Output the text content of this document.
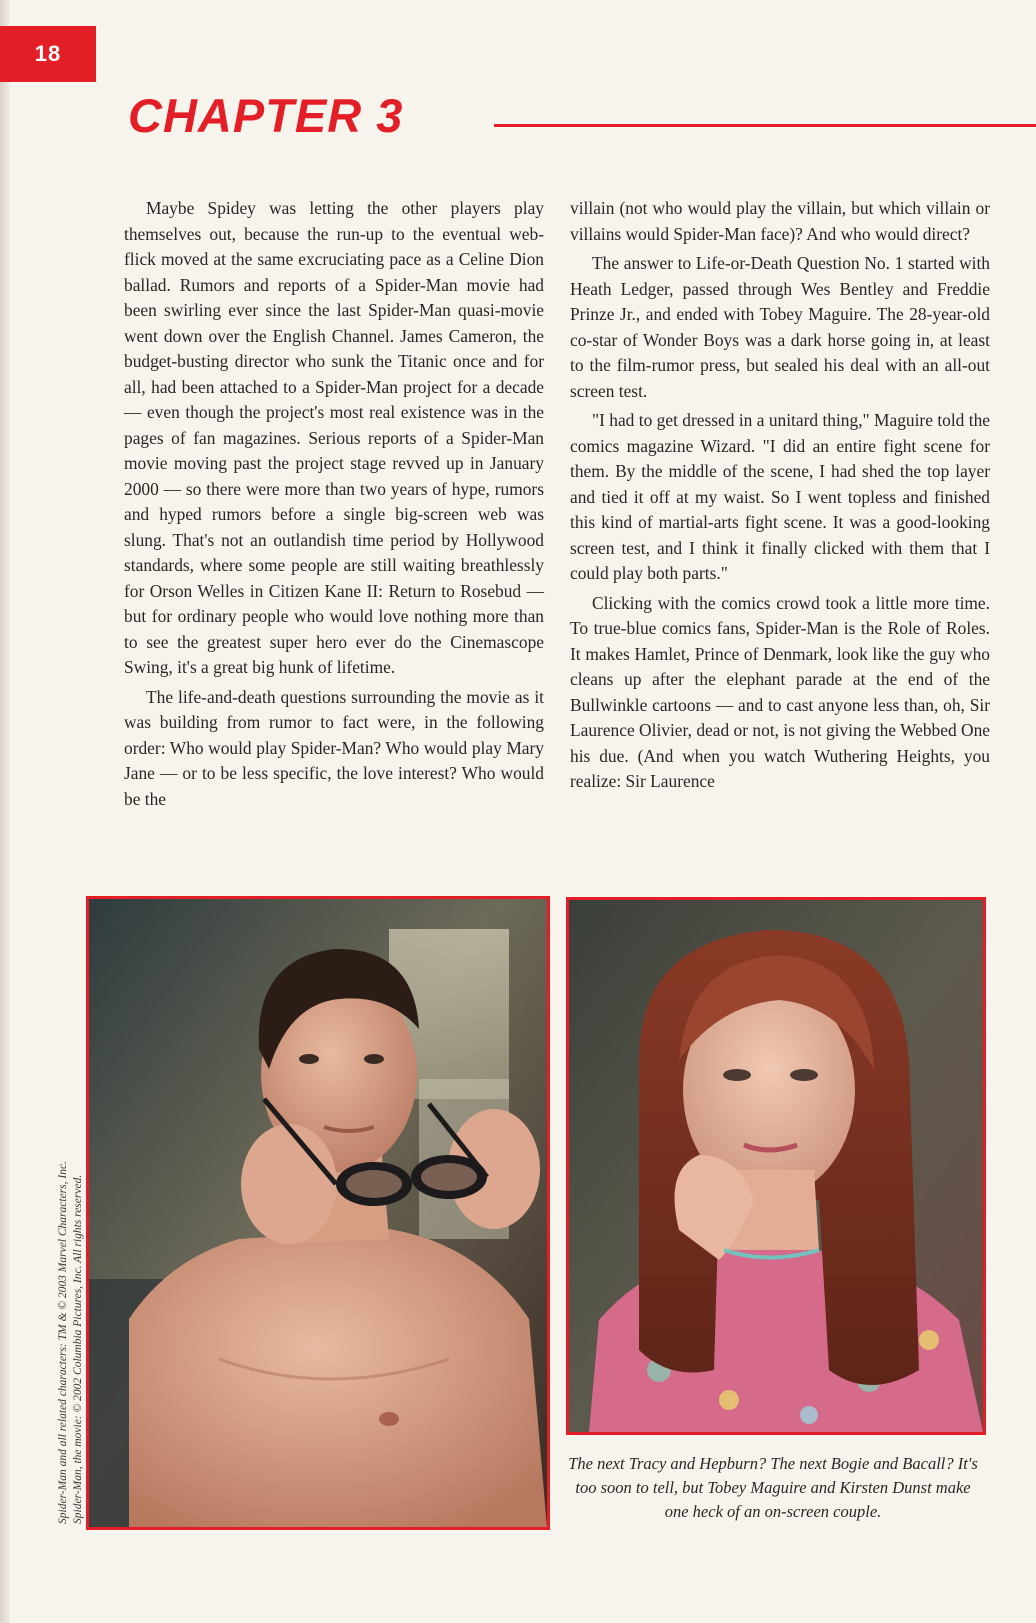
18
CHAPTER 3

Maybe Spidey was letting the other players play themselves out, because the run-up to the eventual web-flick moved at the same excruciating pace as a Celine Dion ballad. Rumors and reports of a Spider-Man movie had been swirling ever since the last Spider-Man quasi-movie went down over the English Channel. James Cameron, the budget-busting director who sunk the Titanic once and for all, had been attached to a Spider-Man project for a decade — even though the project's most real existence was in the pages of fan magazines. Serious reports of a Spider-Man movie moving past the project stage revved up in January 2000 — so there were more than two years of hype, rumors and hyped rumors before a single big-screen web was slung. That's not an outlandish time period by Hollywood standards, where some people are still waiting breathlessly for Orson Welles in Citizen Kane II: Return to Rosebud — but for ordinary people who would love nothing more than to see the greatest super hero ever do the Cinemascope Swing, it's a great big hunk of lifetime.

The life-and-death questions surrounding the movie as it was building from rumor to fact were, in the following order: Who would play Spider-Man? Who would play Mary Jane — or to be less specific, the love interest? Who would be the

villain (not who would play the villain, but which villain or villains would Spider-Man face)? And who would direct?

The answer to Life-or-Death Question No. 1 started with Heath Ledger, passed through Wes Bentley and Freddie Prinze Jr., and ended with Tobey Maguire. The 28-year-old co-star of Wonder Boys was a dark horse going in, at least to the film-rumor press, but sealed his deal with an all-out screen test.

"I had to get dressed in a unitard thing," Maguire told the comics magazine Wizard. "I did an entire fight scene for them. By the middle of the scene, I had shed the top layer and tied it off at my waist. So I went topless and finished this kind of martial-arts fight scene. It was a good-looking screen test, and I think it finally clicked with them that I could play both parts."

Clicking with the comics crowd took a little more time. To true-blue comics fans, Spider-Man is the Role of Roles. It makes Hamlet, Prince of Denmark, look like the guy who cleans up after the elephant parade at the end of the Bullwinkle cartoons — and to cast anyone less than, oh, Sir Laurence Olivier, dead or not, is not giving the Webbed One his due. (And when you watch Wuthering Heights, you realize: Sir Laurence

The next Tracy and Hepburn? The next Bogie and Bacall? It's too soon to tell, but Tobey Maguire and Kirsten Dunst make one heck of an on-screen couple.
Spider-Man and all related characters: TM & © 2003 Marvel Characters, Inc. Spider-Man, the movie: © 2002 Columbia Pictures, Inc. All rights reserved.
